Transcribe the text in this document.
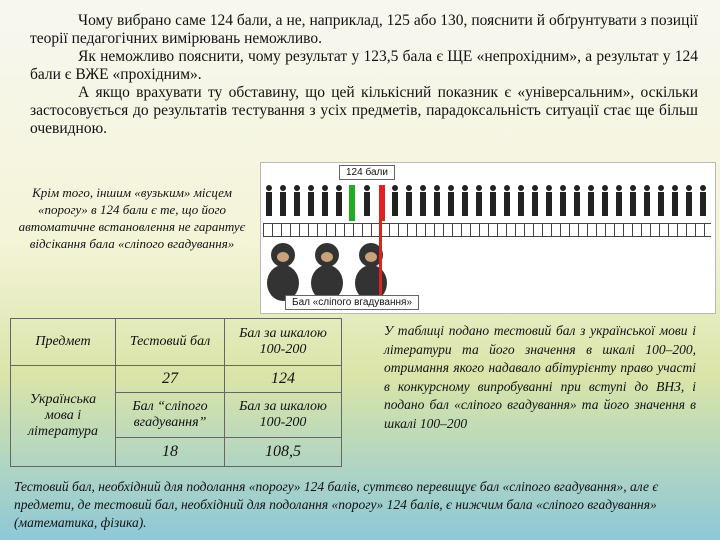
Чому вибрано саме 124 бали, а не, наприклад, 125 або 130, пояснити й обґрунтувати з позиції теорії педагогічних вимірювань неможливо.

Як неможливо пояснити, чому результат у 123,5 бала є ЩЕ «непрохідним», а результат у 124 бали є ВЖЕ «прохідним».

А якщо врахувати ту обставину, що цей кількісний показник є «універсальним», оскільки застосовується до результатів тестування з усіх предметів, парадоксальність ситуації стає ще більш очевидною.

Крім того, іншим «вузьким» місцем «порогу» в 124 бали є те, що його автоматичне встановлення не гарантує відсікання бала «сліпого вгадування»
124 бали
Бал «сліпого вгадування»
Предмет	Тестовий бал	Бал за шкалою 100-200
Українська мова і література	27	124
	Бал “сліпого вгадування”	Бал за шкалою 100-200
	18	108,5
У таблиці подано тестовий бал з української мови і літератури та його значення в шкалі 100–200, отримання якого надавало абітурієнту право участі в конкурсному випробуванні при вступі до ВНЗ, і подано бал «сліпого вгадування» та його значення в шкалі 100–200
Тестовий бал, необхідний для подолання «порогу» 124 балів, суттєво перевищує бал «сліпого вгадування», але є предмети, де тестовий бал, необхідний для подолання «порогу» 124 балів, є нижчим бала «сліпого вгадування» (математика, фізика).
